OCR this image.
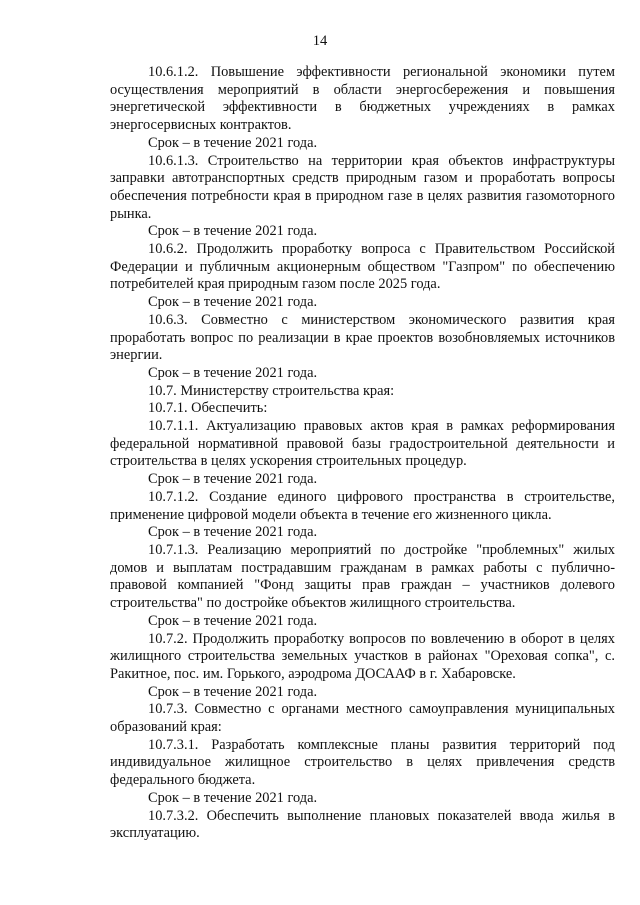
14

10.6.1.2. Повышение эффективности региональной экономики путем осуществления мероприятий в области энергосбережения и повышения энергетической эффективности в бюджетных учреждениях в рамках энергосервисных контрактов.

Срок – в течение 2021 года.

10.6.1.3. Строительство на территории края объектов инфраструктуры заправки автотранспортных средств природным газом и проработать вопросы обеспечения потребности края в природном газе в целях развития газомоторного рынка.

Срок – в течение 2021 года.

10.6.2. Продолжить проработку вопроса с Правительством Российской Федерации и публичным акционерным обществом "Газпром" по обеспечению потребителей края природным газом после 2025 года.

Срок – в течение 2021 года.

10.6.3. Совместно с министерством экономического развития края проработать вопрос по реализации в крае проектов возобновляемых источников энергии.

Срок – в течение 2021 года.

10.7. Министерству строительства края:

10.7.1. Обеспечить:

10.7.1.1. Актуализацию правовых актов края в рамках реформирования федеральной нормативной правовой базы градостроительной деятельности и строительства в целях ускорения строительных процедур.

Срок – в течение 2021 года.

10.7.1.2. Создание единого цифрового пространства в строительстве, применение цифровой модели объекта в течение его жизненного цикла.

Срок – в течение 2021 года.

10.7.1.3. Реализацию мероприятий по достройке "проблемных" жилых домов и выплатам пострадавшим гражданам в рамках работы с публично-правовой компанией "Фонд защиты прав граждан – участников долевого строительства" по достройке объектов жилищного строительства.

Срок – в течение 2021 года.

10.7.2. Продолжить проработку вопросов по вовлечению в оборот в целях жилищного строительства земельных участков в районах "Ореховая сопка", с. Ракитное, пос. им. Горького, аэродрома ДОСААФ в г. Хабаровске.

Срок – в течение 2021 года.

10.7.3. Совместно с органами местного самоуправления муниципальных образований края:

10.7.3.1. Разработать комплексные планы развития территорий под индивидуальное жилищное строительство в целях привлечения средств федерального бюджета.

Срок – в течение 2021 года.

10.7.3.2. Обеспечить выполнение плановых показателей ввода жилья в эксплуатацию.
